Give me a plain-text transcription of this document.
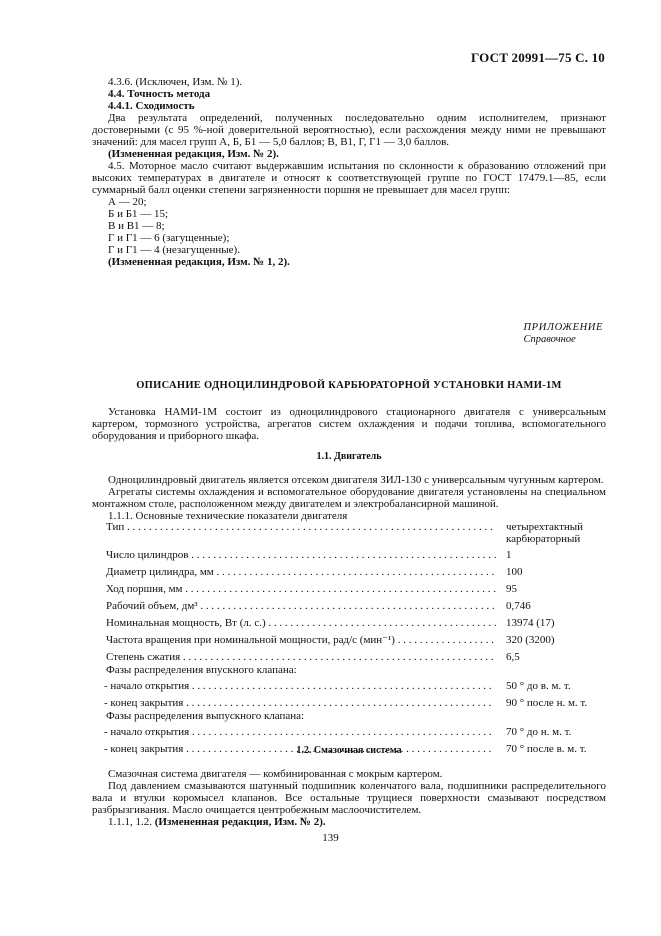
ГОСТ 20991—75 С. 10
4.3.6. (Исключен, Изм. № 1).
4.4. Точность метода
4.4.1. Сходимость
Два результата определений, полученных последовательно одним исполнителем, признают достоверными (с 95 %-ной доверительной вероятностью), если расхождения между ними не превышают значений: для масел групп А, Б, Б1 — 5,0 баллов; В, В1, Г, Г1 — 3,0 баллов.
(Измененная редакция, Изм. № 2).
4.5. Моторное масло считают выдержавшим испытания по склонности к образованию отложений при высоких температурах в двигателе и относят к соответствующей группе по ГОСТ 17479.1—85, если суммарный балл оценки степени загрязненности поршня не превышает для масел групп:
А — 20;
Б и Б1 — 15;
В и В1 — 8;
Г и Г1 — 6 (загущенные);
Г и Г1 — 4 (незагущенные).
(Измененная редакция, Изм. № 1, 2).
ПРИЛОЖЕНИЕ
Справочное
ОПИСАНИЕ ОДНОЦИЛИНДРОВОЙ КАРБЮРАТОРНОЙ УСТАНОВКИ НАМИ-1М
Установка НАМИ-1М состоит из одноцилиндрового стационарного двигателя с универсальным картером, тормозного устройства, агрегатов систем охлаждения и подачи топлива, вспомогательного оборудования и приборного шкафа.
1.1. Двигатель
Одноцилиндровый двигатель является отсеком двигателя ЗИЛ-130 с универсальным чугунным картером.
Агрегаты системы охлаждения и вспомогательное оборудование двигателя установлены на специальном монтажном столе, расположенном между двигателем и электробалансирной машиной.
1.1.1. Основные технические показатели двигателя
Тип . . .	четырехтактный
карбюраторный
Число цилиндров . . .	1
Диаметр цилиндра, мм . . .	100
Ход поршня, мм . . .	95
Рабочий объем, дм³ . . .	0,746
Номинальная мощность, Вт (л. с.) . . .	13974 (17)
Частота вращения при номинальной мощности, рад/с (мин⁻¹) . . .	320 (3200)
Степень сжатия . . .	6,5
Фазы распределения впускного клапана:
- начало открытия . . .	50 ° до в. м. т.
- конец закрытия . . .	90 ° после н. м. т.
Фазы распределения выпускного клапана:
- начало открытия . . .	70 ° до н. м. т.
- конец закрытия . . .	70 ° после в. м. т.
1.2. Смазочная система
Смазочная система двигателя — комбинированная с мокрым картером.
Под давлением смазываются шатунный подшипник коленчатого вала, подшипники распределительного вала и втулки коромысел клапанов. Все остальные трущиеся поверхности смазывают посредством разбрызгивания. Масло очищается центробежным маслоочистителем.
1.1.1, 1.2. (Измененная редакция, Изм. № 2).
139
